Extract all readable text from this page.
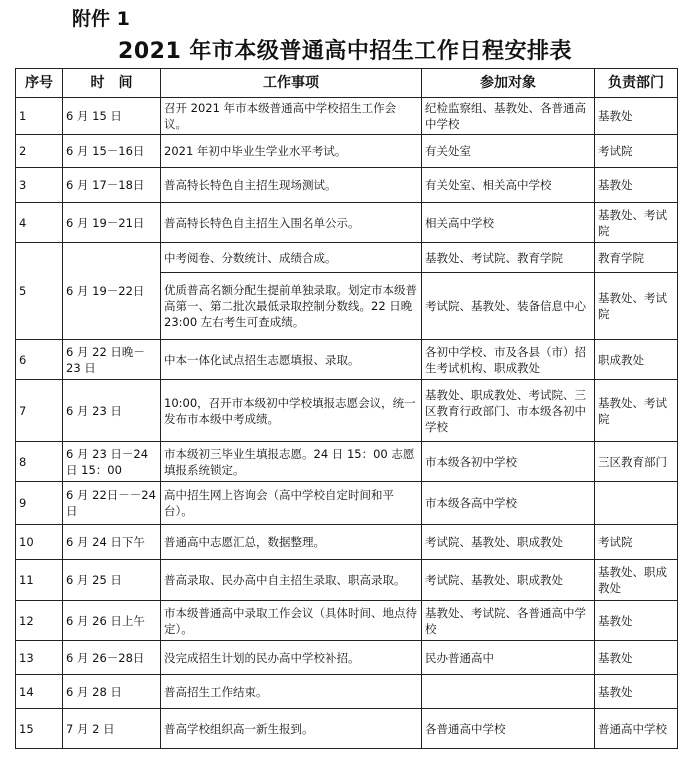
附件 1
2021 年市本级普通高中招生工作日程安排表
序号	时　间	工作事项	参加对象	负责部门
1	6 月 15 日	召开 2021 年市本级普通高中学校招生工作会议。	纪检监察组、基教处、各普通高中学校	基教处
2	6 月 15－16日	2021 年初中毕业生学业水平考试。	有关处室	考试院
3	6 月 17－18日	普高特长特色自主招生现场测试。	有关处室、相关高中学校	基教处
4	6 月 19－21日	普高特长特色自主招生入围名单公示。	相关高中学校	基教处、考试院
5	6 月 19－22日	中考阅卷、分数统计、成绩合成。	基教处、考试院、教育学院	教育学院
		优质普高名额分配生提前单独录取。划定市本级普高第一、第二批次最低录取控制分数线。22 日晚 23:00 左右考生可查成绩。	考试院、基教处、装备信息中心	基教处、考试院
6	6 月 22 日晚－23 日	中本一体化试点招生志愿填报、录取。	各初中学校、市及各县（市）招生考试机构、职成教处	职成教处
7	6 月 23 日	10:00，召开市本级初中学校填报志愿会议，统一发布市本级中考成绩。	基教处、职成教处、考试院、三区教育行政部门、市本级各初中学校	基教处、考试院
8	6 月 23 日－24 日 15：00	市本级初三毕业生填报志愿。24 日 15：00 志愿填报系统锁定。	市本级各初中学校	三区教育部门
9	6 月 22日－－24日	高中招生网上咨询会（高中学校自定时间和平台）。	市本级各高中学校	
10	6 月 24 日下午	普通高中志愿汇总，数据整理。	考试院、基教处、职成教处	考试院
11	6 月 25 日	普高录取、民办高中自主招生录取、职高录取。	考试院、基教处、职成教处	基教处、职成教处
12	6 月 26 日上午	市本级普通高中录取工作会议（具体时间、地点待定）。	基教处、考试院、各普通高中学校	基教处
13	6 月 26－28日	没完成招生计划的民办高中学校补招。	民办普通高中	基教处
14	6 月 28 日	普高招生工作结束。		基教处
15	7 月 2 日	普高学校组织高一新生报到。	各普通高中学校	普通高中学校
